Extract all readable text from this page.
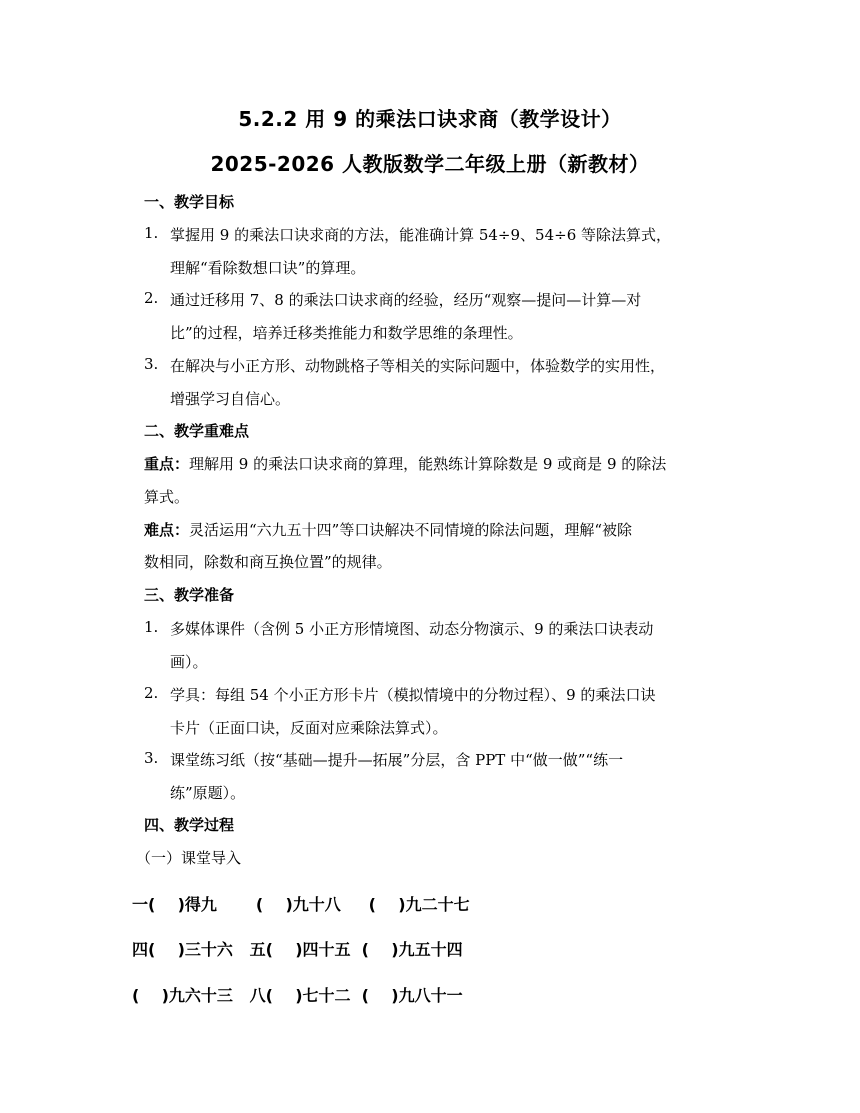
5.2.2 用 9 的乘法口诀求商（教学设计）
2025-2026 人教版数学二年级上册（新教材）
一、教学目标
1. 掌握用 9 的乘法口诀求商的方法，能准确计算 54÷9、54÷6 等除法算式，
理解“看除数想口诀”的算理。
2. 通过迁移用 7、8 的乘法口诀求商的经验，经历“观察—提问—计算—对
比”的过程，培养迁移类推能力和数学思维的条理性。
3. 在解决与小正方形、动物跳格子等相关的实际问题中，体验数学的实用性，
增强学习自信心。
二、教学重难点
重点：理解用 9 的乘法口诀求商的算理，能熟练计算除数是 9 或商是 9 的除法
算式。
难点：灵活运用“六九五十四”等口诀解决不同情境的除法问题，理解“被除
数相同，除数和商互换位置”的规律。
三、教学准备
1. 多媒体课件（含例 5 小正方形情境图、动态分物演示、9 的乘法口诀表动
画）。
2. 学具：每组 54 个小正方形卡片（模拟情境中的分物过程）、9 的乘法口诀
卡片（正面口诀，反面对应乘除法算式）。
3. 课堂练习纸（按“基础—提升—拓展”分层，含 PPT 中“做一做”“练一
练”原题）。
四、教学过程
（一）课堂导入
一(    )得九       (    )九十八     (    )九二十七
四(    )三十六   五(    )四十五  (    )九五十四
(    )九六十三   八(    )七十二  (    )九八十一
